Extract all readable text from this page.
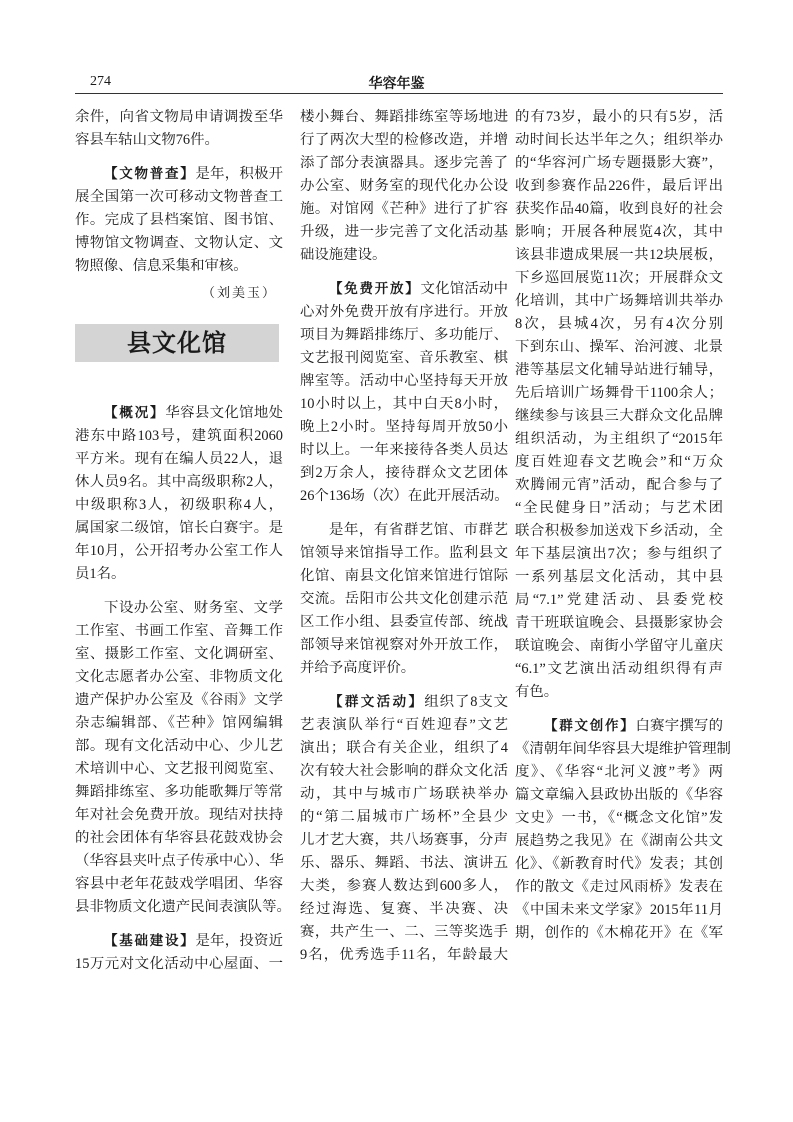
274	华容年鉴
余件，向省文物局申请调拨至华
容县车轱山文物76件。
【文物普查】是年，积极开
展全国第一次可移动文物普查工
作。完成了县档案馆、图书馆、
博物馆文物调查、文物认定、文
物照像、信息采集和审核。
（刘美玉）
县文化馆
【概况】华容县文化馆地处
港东中路103号，建筑面积2060
平方米。现有在编人员22人，退
休人员9名。其中高级职称2人，
中级职称3人，初级职称4人，
属国家二级馆，馆长白赛宇。是
年10月，公开招考办公室工作人
员1名。
下设办公室、财务室、文学
工作室、书画工作室、音舞工作
室、摄影工作室、文化调研室、
文化志愿者办公室、非物质文化
遗产保护办公室及《谷雨》文学
杂志编辑部、《芒种》馆网编辑
部。现有文化活动中心、少儿艺
术培训中心、文艺报刊阅览室、
舞蹈排练室、多功能歌舞厅等常
年对社会免费开放。现结对扶持
的社会团体有华容县花鼓戏协会
（华容县夹叶点子传承中心）、华
容县中老年花鼓戏学唱团、华容
县非物质文化遗产民间表演队等。
【基础建设】是年，投资近
15万元对文化活动中心屋面、一
楼小舞台、舞蹈排练室等场地进
行了两次大型的检修改造，并增
添了部分表演器具。逐步完善了
办公室、财务室的现代化办公设
施。对馆网《芒种》进行了扩容
升级，进一步完善了文化活动基
础设施建设。
【免费开放】文化馆活动中
心对外免费开放有序进行。开放
项目为舞蹈排练厅、多功能厅、
文艺报刊阅览室、音乐教室、棋
牌室等。活动中心坚持每天开放
10小时以上，其中白天8小时，
晚上2小时。坚持每周开放50小
时以上。一年来接待各类人员达
到2万余人，接待群众文艺团体
26个136场（次）在此开展活动。
是年，有省群艺馆、市群艺
馆领导来馆指导工作。监利县文
化馆、南县文化馆来馆进行馆际
交流。岳阳市公共文化创建示范
区工作小组、县委宣传部、统战
部领导来馆视察对外开放工作，
并给予高度评价。
【群文活动】组织了8支文
艺表演队举行“百姓迎春”文艺
演出；联合有关企业，组织了4
次有较大社会影响的群众文化活
动，其中与城市广场联袂举办
的“第二届城市广场杯”全县少
儿才艺大赛，共八场赛事，分声
乐、器乐、舞蹈、书法、演讲五
大类，参赛人数达到600多人，
经过海选、复赛、半决赛、决
赛，共产生一、二、三等奖选手
9名，优秀选手11名，年龄最大
的有73岁，最小的只有5岁，活
动时间长达半年之久；组织举办
的“华容河广场专题摄影大赛”，
收到参赛作品226件，最后评出
获奖作品40篇，收到良好的社会
影响；开展各种展览4次，其中
该县非遗成果展一共12块展板，
下乡巡回展览11次；开展群众文
化培训，其中广场舞培训共举办
8次，县城4次，另有4次分别
下到东山、操军、治河渡、北景
港等基层文化辅导站进行辅导，
先后培训广场舞骨干1100余人；
继续参与该县三大群众文化品牌
组织活动，为主组织了“2015年
度百姓迎春文艺晚会”和“万众
欢腾闹元宵”活动，配合参与了
“全民健身日”活动；与艺术团
联合积极参加送戏下乡活动，全
年下基层演出7次；参与组织了
一系列基层文化活动，其中县
局“7.1”党建活动、县委党校
青干班联谊晚会、县摄影家协会
联谊晚会、南街小学留守儿童庆
“6.1”文艺演出活动组织得有声
有色。
【群文创作】白赛宇撰写的
《清朝年间华容县大堤维护管理制
度》、《华容“北河义渡”考》两
篇文章编入县政协出版的《华容
文史》一书，《“概念文化馆”发
展趋势之我见》在《湖南公共文
化》、《新教育时代》发表；其创
作的散文《走过风雨桥》发表在
《中国未来文学家》2015年11月
期，创作的《木棉花开》在《军
